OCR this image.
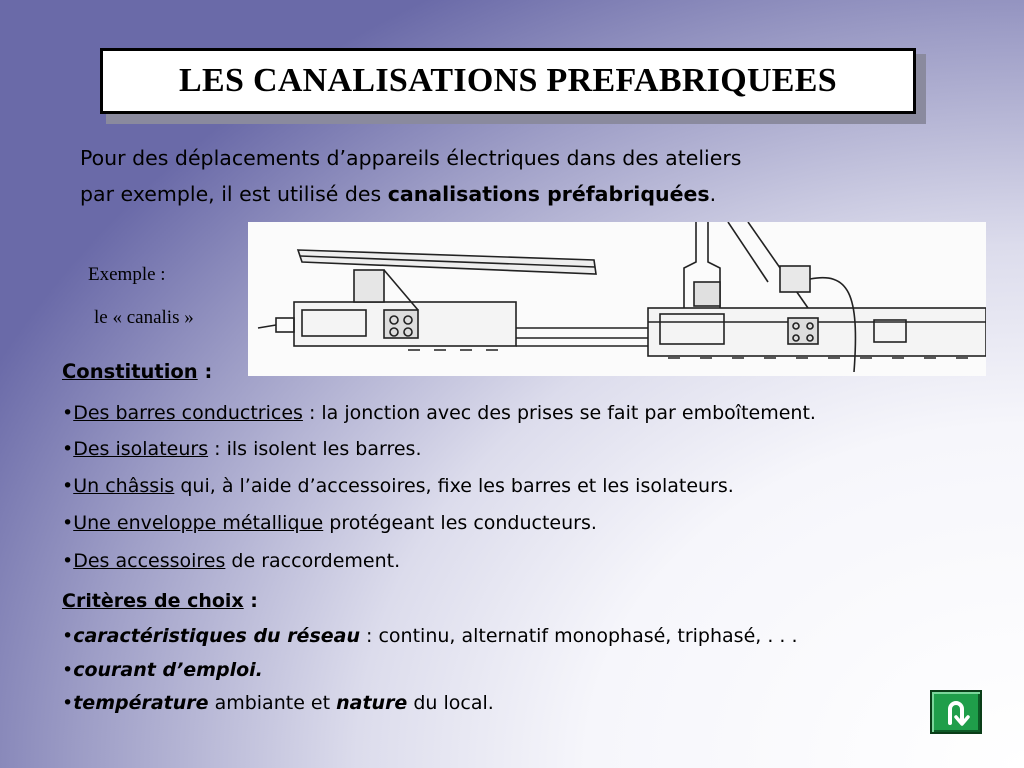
LES CANALISATIONS PREFABRIQUEES
Pour des déplacements d’appareils électriques dans des ateliers
par exemple, il est utilisé des canalisations préfabriquées.
Exemple :
le « canalis »
Constitution :
•Des barres conductrices : la jonction avec des prises se fait par emboîtement.
•Des isolateurs : ils isolent les barres.
•Un châssis qui, à l’aide d’accessoires, fixe les barres et les isolateurs.
•Une enveloppe métallique protégeant les conducteurs.
•Des accessoires de raccordement.
Critères de choix :
•caractéristiques du réseau : continu, alternatif monophasé, triphasé, . . .
•courant d’emploi.
•température ambiante et nature du local.
